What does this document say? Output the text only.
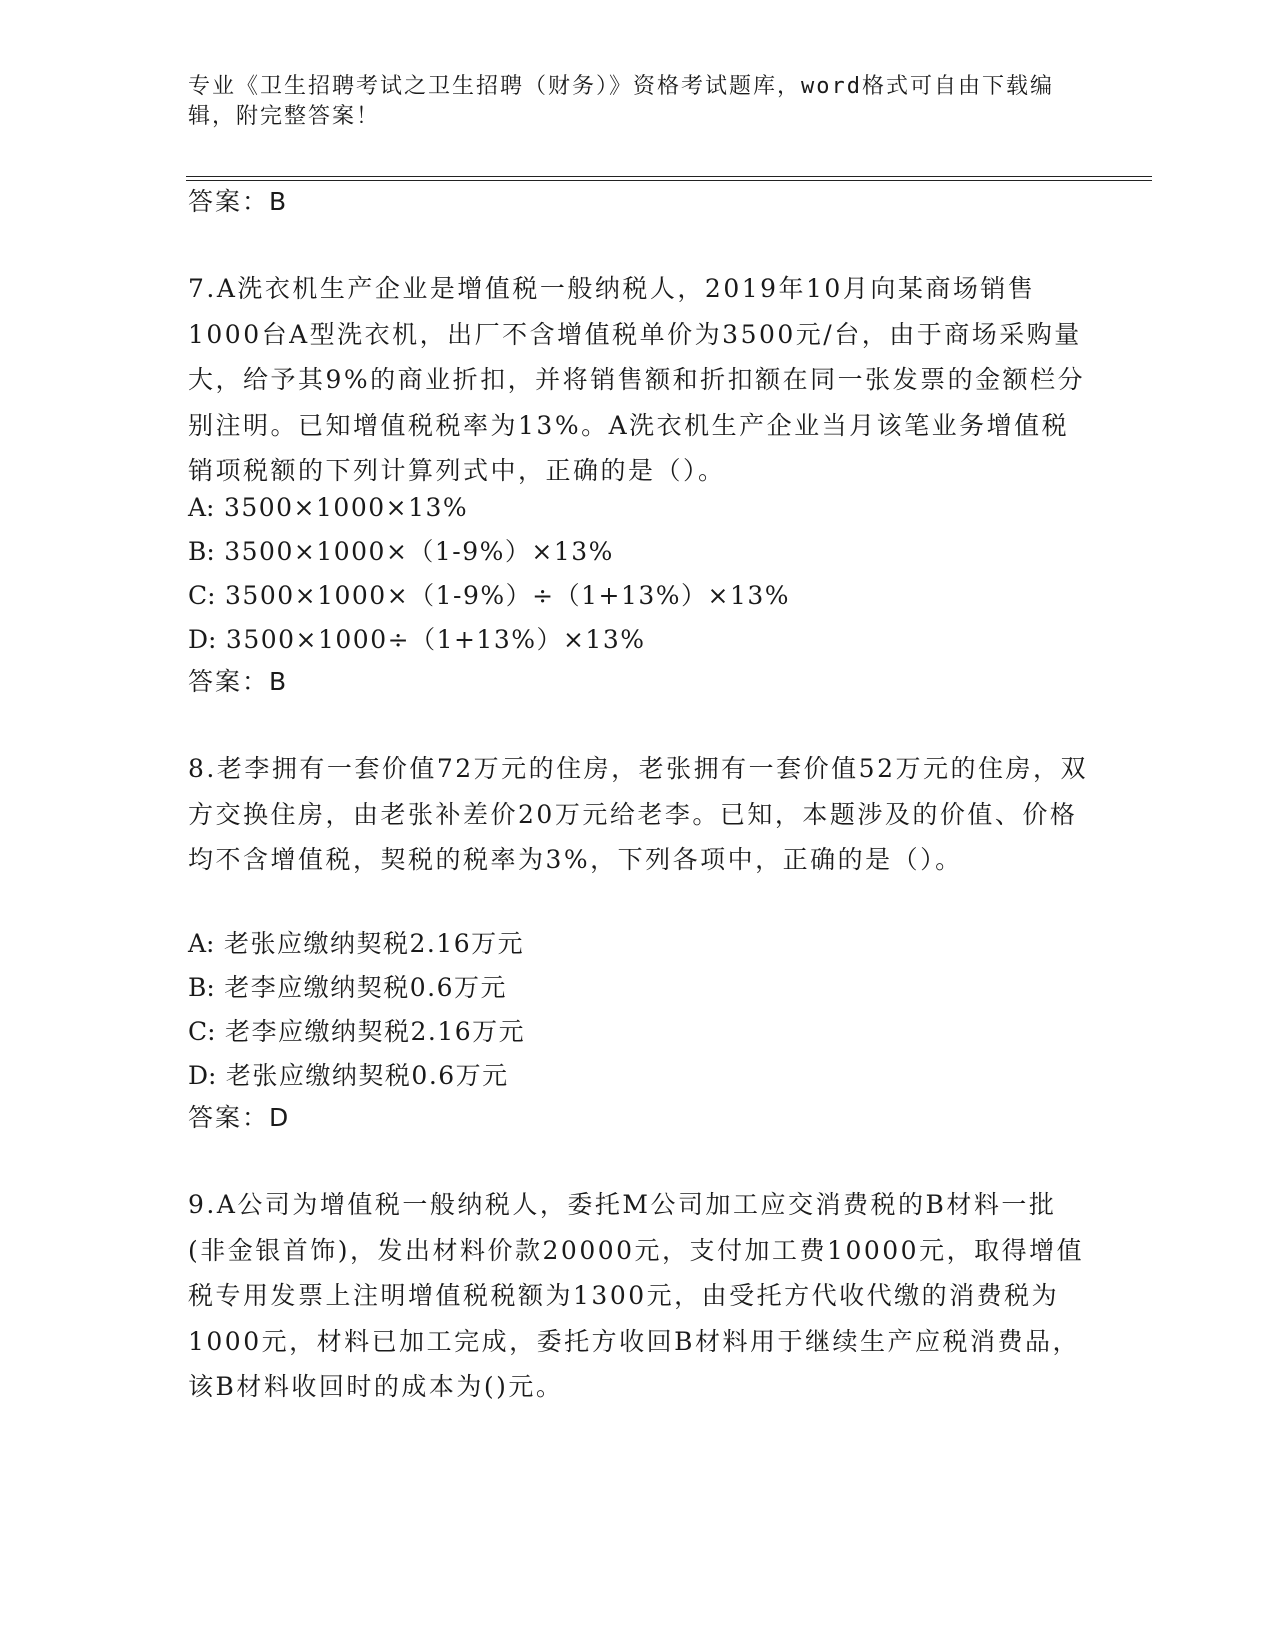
专业《卫生招聘考试之卫生招聘（财务）》资格考试题库，word格式可自由下载编辑，附完整答案！
答案：B
7.A洗衣机生产企业是增值税一般纳税人，2019年10月向某商场销售1000台A型洗衣机，出厂不含增值税单价为3500元/台，由于商场采购量大，给予其9%的商业折扣，并将销售额和折扣额在同一张发票的金额栏分别注明。已知增值税税率为13%。A洗衣机生产企业当月该笔业务增值税销项税额的下列计算列式中，正确的是（）。
A: 3500×1000×13%
B: 3500×1000×（1-9%）×13%
C: 3500×1000×（1-9%）÷（1+13%）×13%
D: 3500×1000÷（1+13%）×13%
答案：B
8.老李拥有一套价值72万元的住房，老张拥有一套价值52万元的住房，双方交换住房，由老张补差价20万元给老李。已知，本题涉及的价值、价格均不含增值税，契税的税率为3%，下列各项中，正确的是（）。
A: 老张应缴纳契税2.16万元
B: 老李应缴纳契税0.6万元
C: 老李应缴纳契税2.16万元
D: 老张应缴纳契税0.6万元
答案：D
9.A公司为增值税一般纳税人，委托M公司加工应交消费税的B材料一批(非金银首饰)，发出材料价款20000元，支付加工费10000元，取得增值税专用发票上注明增值税税额为1300元，由受托方代收代缴的消费税为1000元，材料已加工完成，委托方收回B材料用于继续生产应税消费品，该B材料收回时的成本为()元。
